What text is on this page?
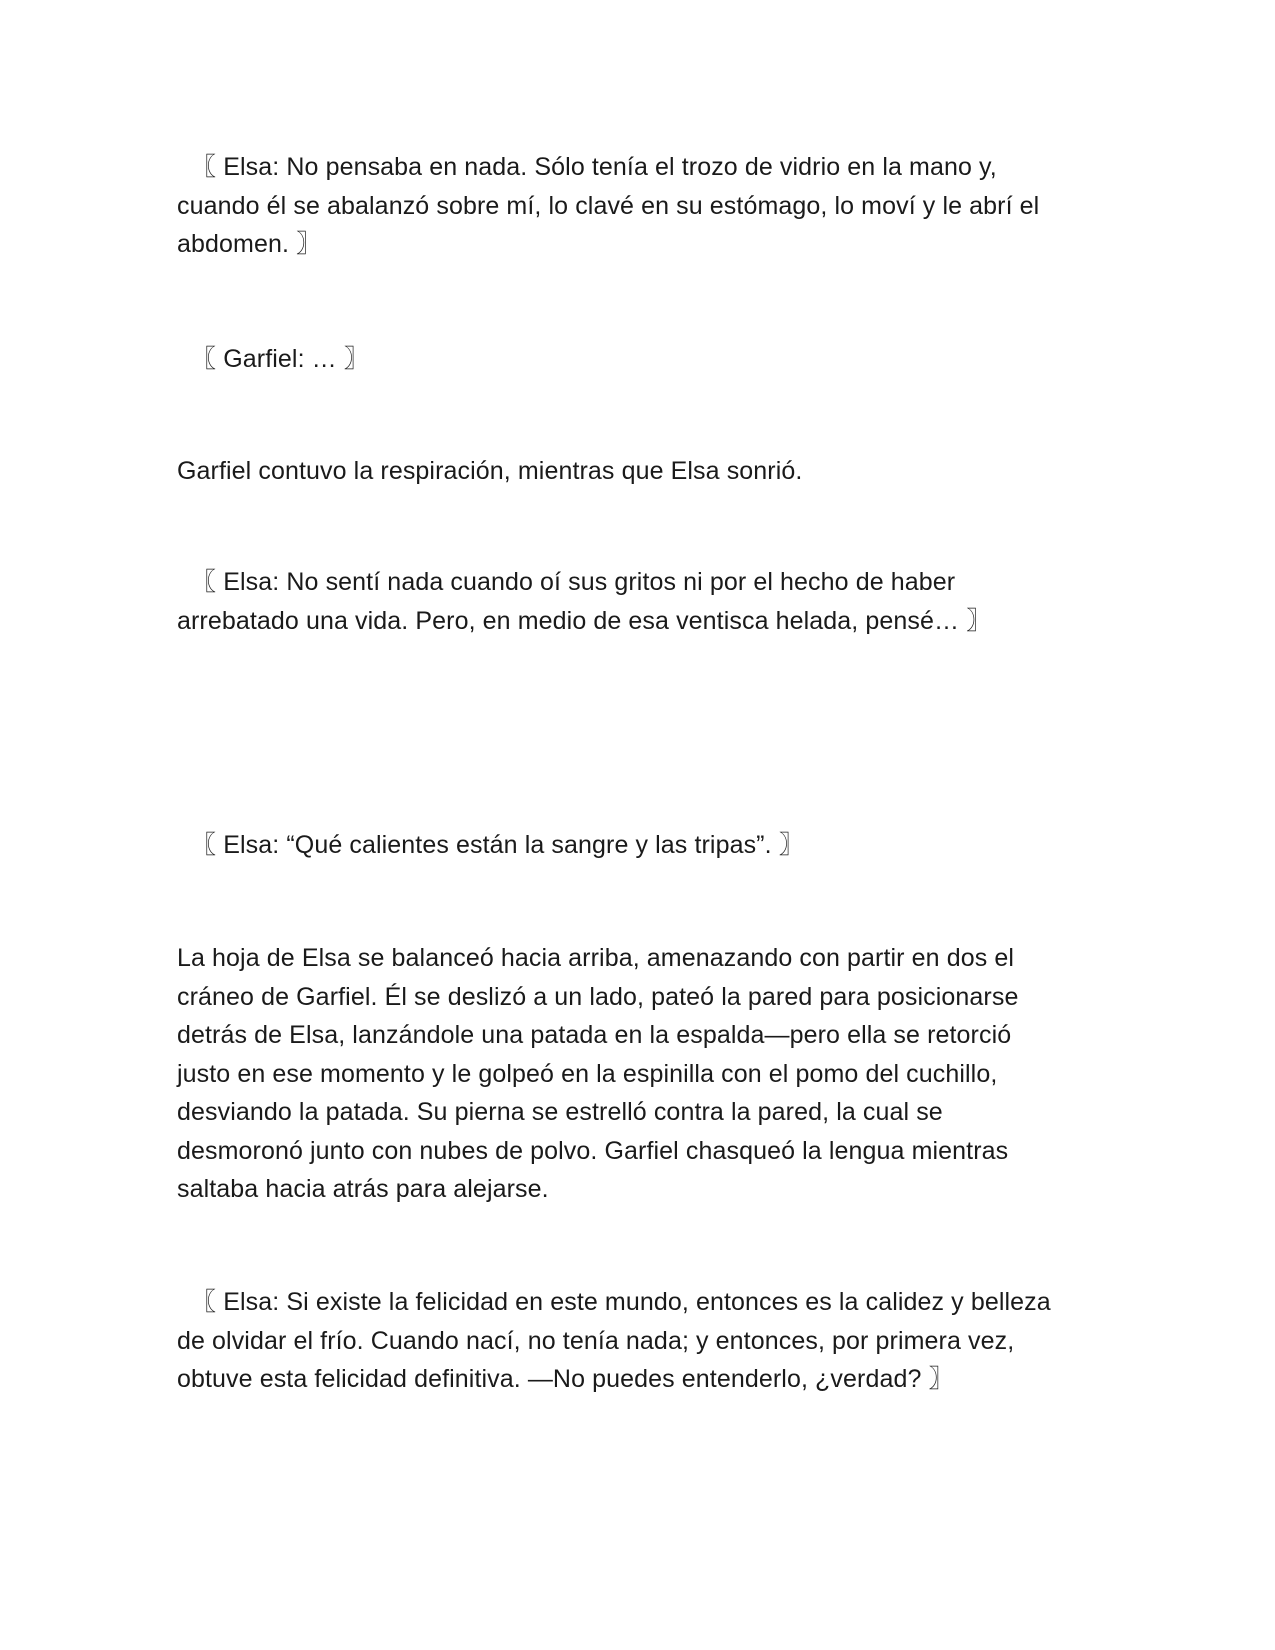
〖 Elsa: No pensaba en nada. Sólo tenía el trozo de vidrio en la mano y,
cuando él se abalanzó sobre mí, lo clavé en su estómago, lo moví y le abrí el
abdomen. 〗

〖 Garfiel: … 〗

Garfiel contuvo la respiración, mientras que Elsa sonrió.

〖 Elsa: No sentí nada cuando oí sus gritos ni por el hecho de haber
arrebatado una vida. Pero, en medio de esa ventisca helada, pensé… 〗

〖 Elsa: “Qué calientes están la sangre y las tripas”. 〗

La hoja de Elsa se balanceó hacia arriba, amenazando con partir en dos el
cráneo de Garfiel. Él se deslizó a un lado, pateó la pared para posicionarse
detrás de Elsa, lanzándole una patada en la espalda—pero ella se retorció
justo en ese momento y le golpeó en la espinilla con el pomo del cuchillo,
desviando la patada. Su pierna se estrelló contra la pared, la cual se
desmoronó junto con nubes de polvo. Garfiel chasqueó la lengua mientras
saltaba hacia atrás para alejarse.

〖 Elsa: Si existe la felicidad en este mundo, entonces es la calidez y belleza
de olvidar el frío. Cuando nací, no tenía nada; y entonces, por primera vez,
obtuve esta felicidad definitiva. —No puedes entenderlo, ¿verdad? 〗
